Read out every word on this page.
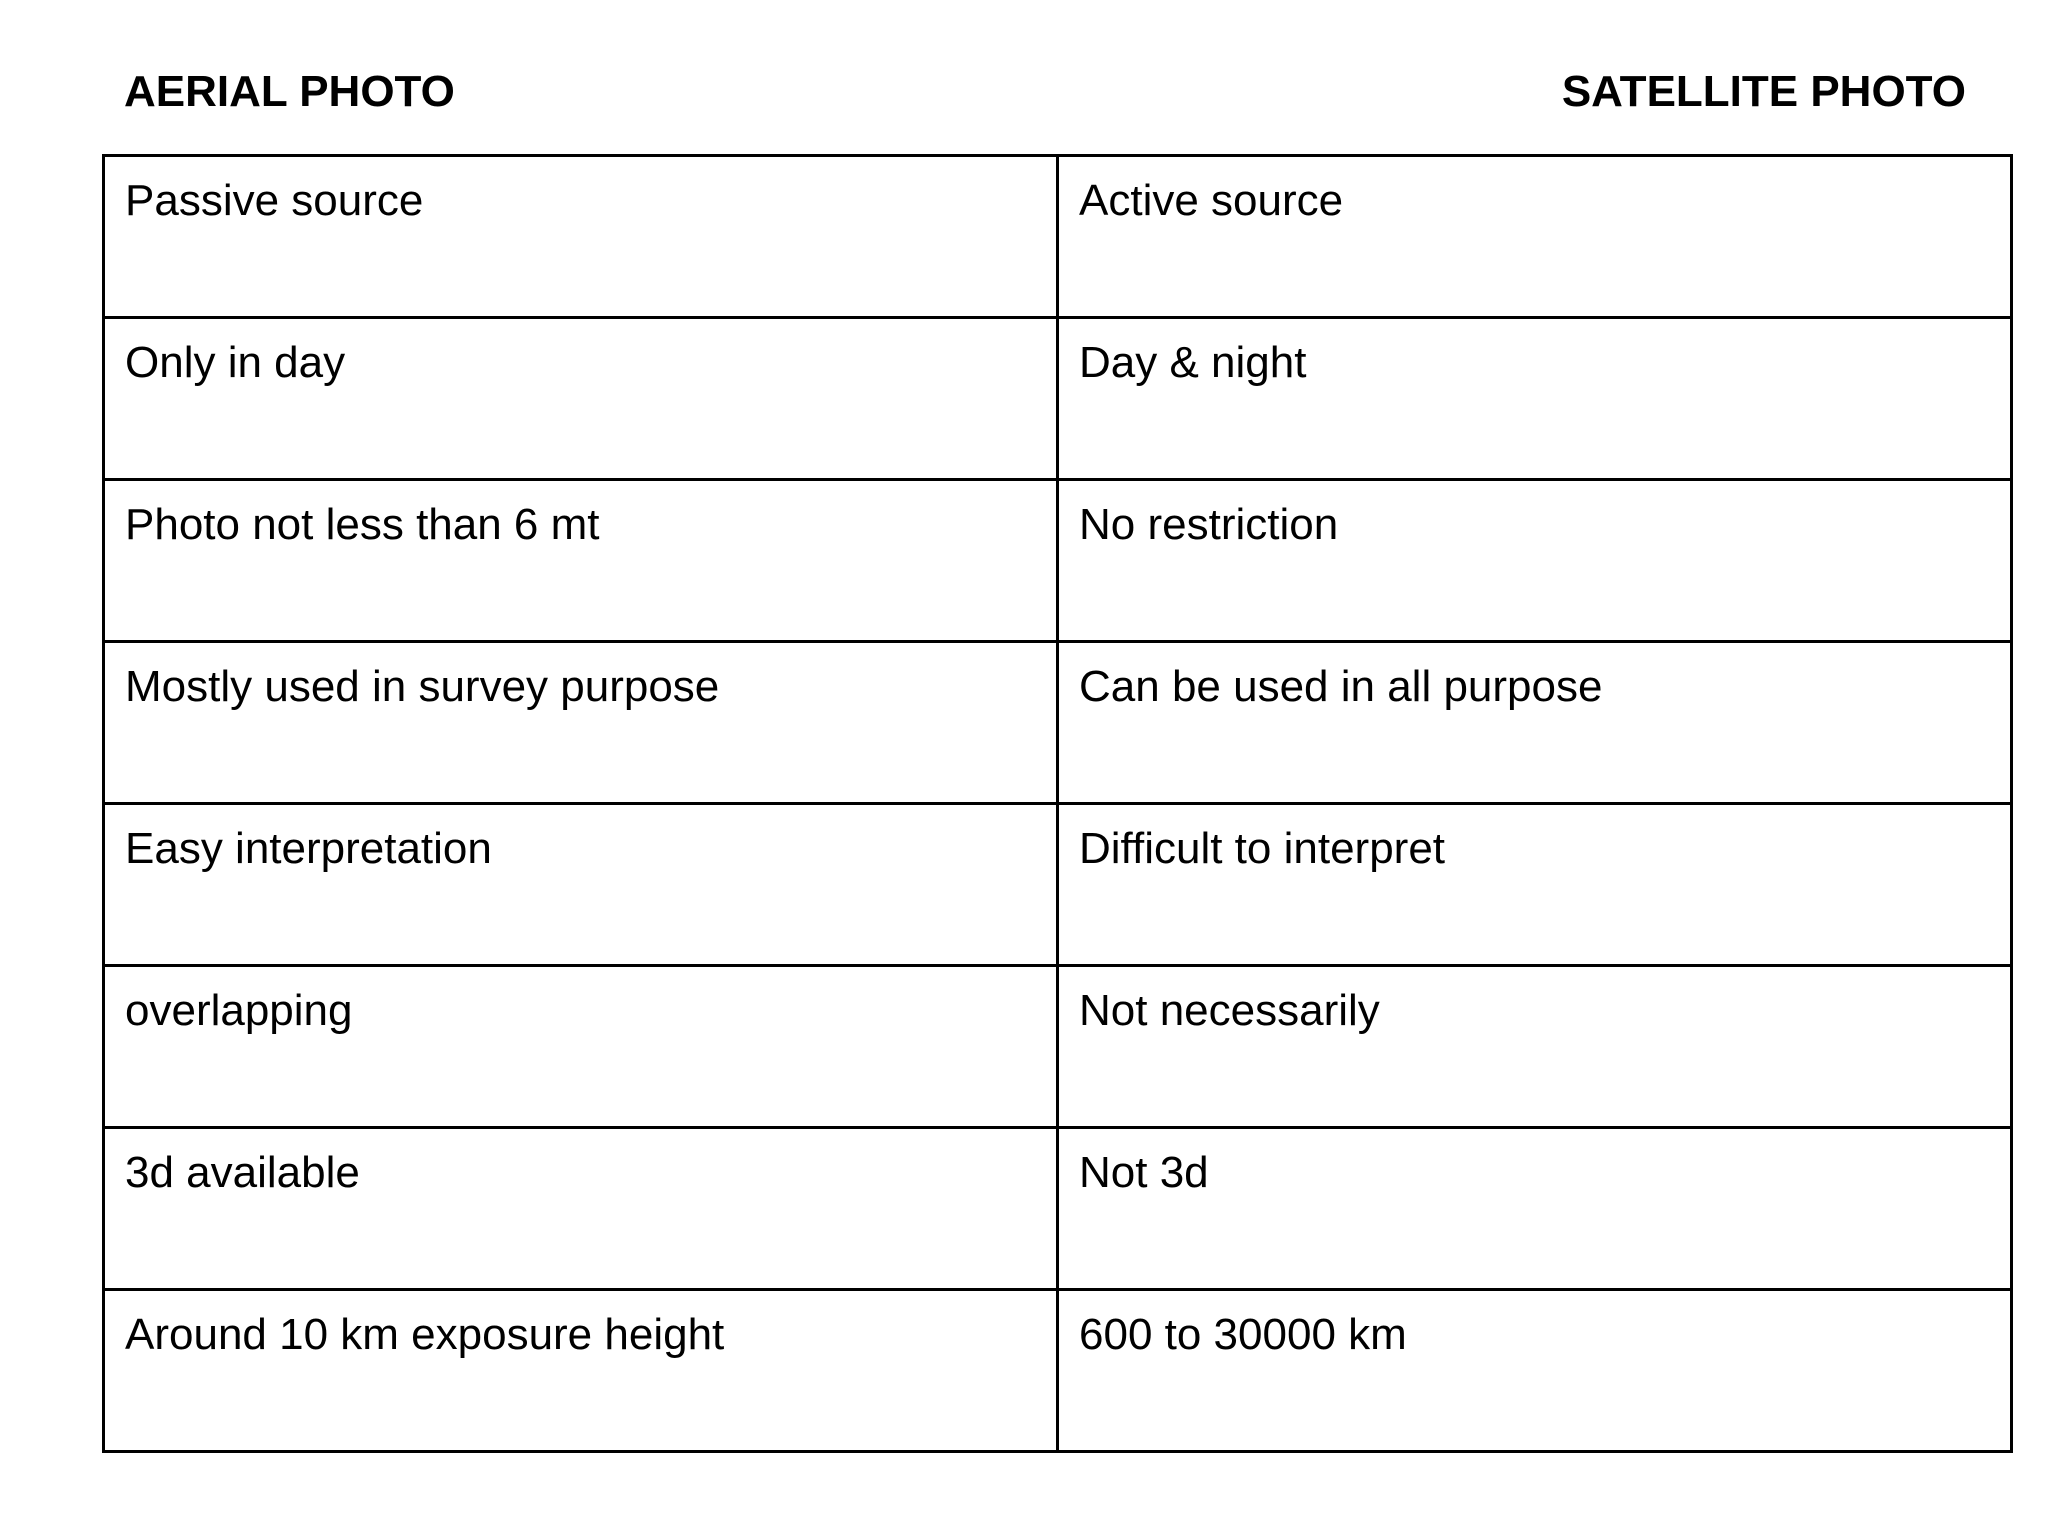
AERIAL PHOTO	SATELLITE PHOTO
Passive source	Active source
Only in day	Day & night
Photo not less than 6 mt	No restriction
Mostly used in survey purpose	Can be used in all purpose
Easy interpretation	Difficult to interpret
overlapping	Not necessarily
3d available	Not 3d
Around 10 km exposure height	600 to 30000 km
